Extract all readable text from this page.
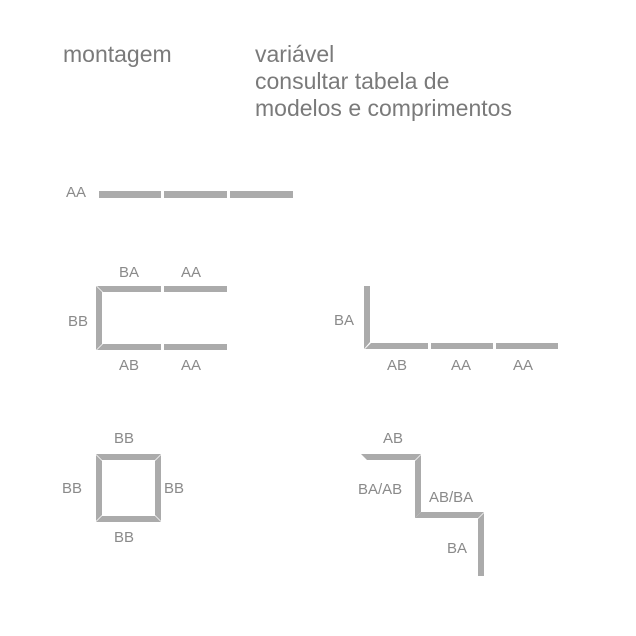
montagem	variável
consultar tabela de
modelos e comprimentos
AA
BA	AA
BB
AB	AA
BA
AB	AA	AA
BB
BB	BB
BB
AB
BA/AB AB/BA
BA
